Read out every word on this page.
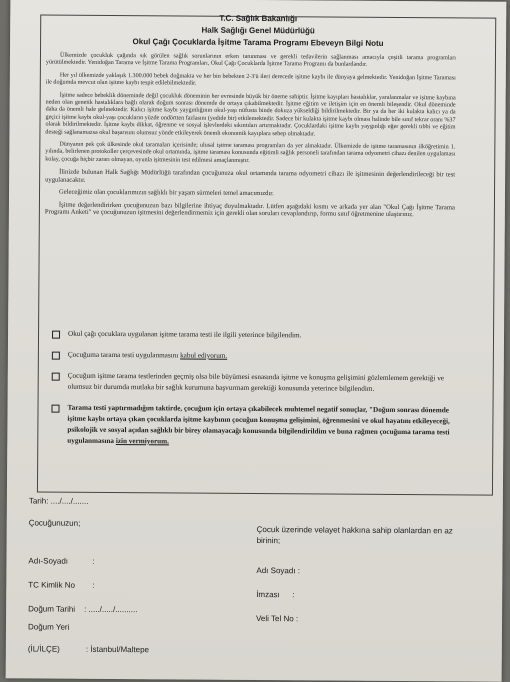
T.C. Sağlık Bakanlığı
Halk Sağlığı Genel Müdürlüğü
Okul Çağı Çocuklarda İşitme Tarama Programı Ebeveyn Bilgi Notu

Ülkemizde çocukluk çağında sık görülen sağlık sorunlarının erken tanınması ve gerekli tedavilerin sağlanması amacıyla çeşitli tarama programları yürütülmektedir. Yenidoğan Tarama ve İşitme Tarama Programları, Okul Çağı Çocuklarda İşitme Tarama Programı da bunlardandır.

Her yıl ülkemizde yaklaşık 1.300.000 bebek doğmakta ve her bin bebekten 2-3'ü ileri derecede işitme kaybı ile dünyaya gelmektedir. Yenidoğan İşitme Taraması ile doğumda mevcut olan işitme kaybı tespit edilebilmektedir.

İşitme sadece bebeklik döneminde değil çocukluk döneminin her evresinde büyük bir öneme sahiptir. İşitme kayıpları hastalıklar, yaralanmalar ve işitme kaybına neden olan genetik hastalıklara bağlı olarak doğum sonrası dönemde de ortaya çıkabilmektedir. İşitme eğitim ve iletişim için en önemli bileşendir. Okul döneminde daha da önemli hale gelmektedir. Kalıcı işitme kaybı yaygınlığının okul-yaşı nüfusta binde dokuza yükseldiği bildirilmektedir. Bir ya da her iki kulakta kalıcı ya da geçici işitme kaybı okul-yaşı çocukların yüzde ondörtten fazlasını (yedide bir) etkilemektedir. Sadece bir kulakta işitme kaybı olması halinde bile sınıf tekrar oranı %37 olarak bildirilmektedir. İşitme kaybı dikkat, öğrenme ve sosyal işlevlerdeki sıkıntıları artırmaktadır. Çocuklardaki işitme kaybı yaygınlığı eğer gerekli tıbbi ve eğitim desteği sağlanamazsa okul başarısını olumsuz yönde etkileyerek önemli ekonomik kayıplara sebep olmaktadır.

Dünyanın pek çok ülkesinde okul taramaları içerisinde; ulusal işitme taraması programları da yer almaktadır. Ülkemizde de işitme taramasının ilköğretimin 1. yılında, belirlenen protokoller çerçevesinde okul ortamında, işitme taraması konusunda eğitimli sağlık personeli tarafından tarama odyometri cihazı denilen uygulaması kolay, çocuğa hiçbir zararı olmayan, oyunla işitmesinin test edilmesi amaçlanmıştır.

İlinizde bulunan Halk Sağlığı Müdürlüğü tarafından çocuğunuza okul ortamında tarama odyometri cihazı ile işitmesinin değerlendirileceği bir test uygulanacaktır.

Geleceğimiz olan çocuklarımızın sağlıklı bir yaşam sürmeleri temel amacımızdır.

İşitme değerlendirirken çocuğunuzun bazı bilgilerine ihtiyaç duyulmaktadır. Lütfen aşağıdaki kısmı ve arkada yer alan "Okul Çağı İşitme Tarama Programı Anketi" ve çocuğunuzun işitmesini değerlendirmemiz için gerekli olan soruları cevaplandırıp, formu sınıf öğretmenine ulaştırınız.

Okul çağı çocuklara uygulanan işitme tarama testi ile ilgili yeterince bilgilendim.
Çocuğuma tarama testi uygulanmasını kabul ediyorum.
Çocuğum işitme tarama testlerinden geçmiş olsa bile büyümesi esnasında işitme ve konuşma gelişimini gözlemlemem gerektiği ve olumsuz bir durumda mutlaka bir sağlık kurumuna başvurmam gerektiği konusunda yeterince bilgilendim.
Tarama testi yaptırmadığım taktirde, çocuğum için ortaya çıkabilecek muhtemel negatif sonuçlar, "Doğum sonrası dönemde işitme kaybı ortaya çıkan çocuklarda işitme kaybının çocuğun konuşma gelişimini, öğrenmesini ve okul hayatını etkileyeceği, psikolojik ve sosyal açıdan sağlıklı bir birey olamayacağı konusunda bilgilendirildim ve buna rağmen çocuğuma tarama testi uygulanmasına izin vermiyorum.
Tarih: ..../..../.......
Çocuğunuzun;
Çocuk üzerinde velayet hakkına sahip olanlardan en az birinin;
Adı-Soyadı	:
Adı Soyadı :
TC Kimlik No :
İmzası :
Doğum Tarihi : ...../...../..........
Veli Tel No :
Doğum Yeri
(İL/İLÇE)	: İstanbul/Maltepe
